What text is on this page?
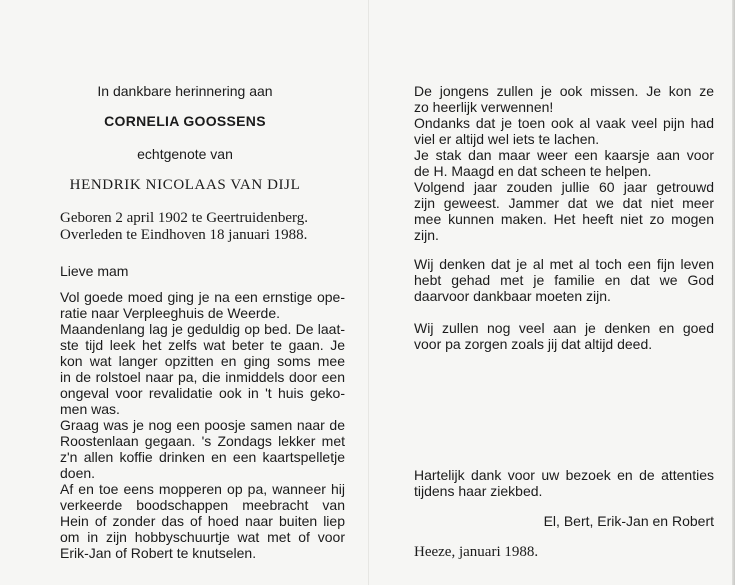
In dankbare herinnering aan
CORNELIA GOOSSENS
echtgenote van
HENDRIK NICOLAAS VAN DIJL
Geboren 2 april 1902 te Geertruidenberg.
Overleden te Eindhoven 18 januari 1988.
Lieve mam
Vol goede moed ging je na een ernstige ope-
ratie naar Verpleeghuis de Weerde.
Maandenlang lag je geduldig op bed. De laat-
ste tijd leek het zelfs wat beter te gaan. Je
kon wat langer opzitten en ging soms mee
in de rolstoel naar pa, die inmiddels door een
ongeval voor revalidatie ook in 't huis geko-
men was.
Graag was je nog een poosje samen naar de
Roostenlaan gegaan. 's Zondags lekker met
z'n allen koffie drinken en een kaartspelletje
doen.
Af en toe eens mopperen op pa, wanneer hij
verkeerde boodschappen meebracht van
Hein of zonder das of hoed naar buiten liep
om in zijn hobbyschuurtje wat met of voor
Erik-Jan of Robert te knutselen.
De jongens zullen je ook missen. Je kon ze
zo heerlijk verwennen!
Ondanks dat je toen ook al vaak veel pijn had
viel er altijd wel iets te lachen.
Je stak dan maar weer een kaarsje aan voor
de H. Maagd en dat scheen te helpen.
Volgend jaar zouden jullie 60 jaar getrouwd
zijn geweest. Jammer dat we dat niet meer
mee kunnen maken. Het heeft niet zo mogen
zijn.
Wij denken dat je al met al toch een fijn leven
hebt gehad met je familie en dat we God
daarvoor dankbaar moeten zijn.
Wij zullen nog veel aan je denken en goed
voor pa zorgen zoals jij dat altijd deed.
Hartelijk dank voor uw bezoek en de attenties
tijdens haar ziekbed.
El, Bert, Erik-Jan en Robert
Heeze, januari 1988.
